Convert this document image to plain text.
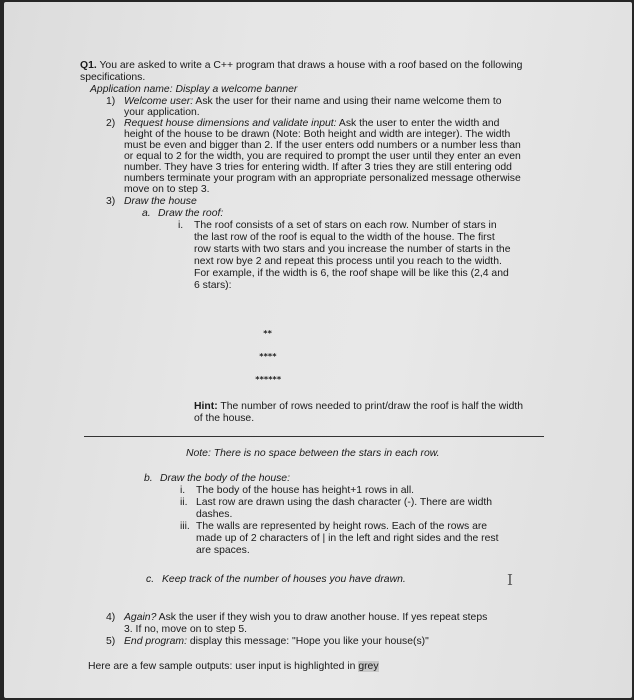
Q1. You are asked to write a C++ program that draws a house with a roof based on the following
specifications.
Application name: Display a welcome banner
1) Welcome user: Ask the user for their name and using their name welcome them to
your application.
2) Request house dimensions and validate input: Ask the user to enter the width and
height of the house to be drawn (Note: Both height and width are integer). The width
must be even and bigger than 2. If the user enters odd numbers or a number less than
or equal to 2 for the width, you are required to prompt the user until they enter an even
number. They have 3 tries for entering width. If after 3 tries they are still entering odd
numbers terminate your program with an appropriate personalized message otherwise
move on to step 3.
3) Draw the house
a. Draw the roof:
i. The roof consists of a set of stars on each row. Number of stars in
the last row of the roof is equal to the width of the house. The first
row starts with two stars and you increase the number of starts in the
next row bye 2 and repeat this process until you reach to the width.
For example, if the width is 6, the roof shape will be like this (2,4 and
6 stars):
**
****
******
Hint: The number of rows needed to print/draw the roof is half the width
of the house.
Note: There is no space between the stars in each row.
b. Draw the body of the house:
i. The body of the house has height+1 rows in all.
ii. Last row are drawn using the dash character (-). There are width
dashes.
iii. The walls are represented by height rows. Each of the rows are
made up of 2 characters of | in the left and right sides and the rest
are spaces.
c. Keep track of the number of houses you have drawn.	I
4) Again? Ask the user if they wish you to draw another house. If yes repeat steps
3. If no, move on to step 5.
5) End program: display this message: "Hope you like your house(s)"
Here are a few sample outputs: user input is highlighted in grey
